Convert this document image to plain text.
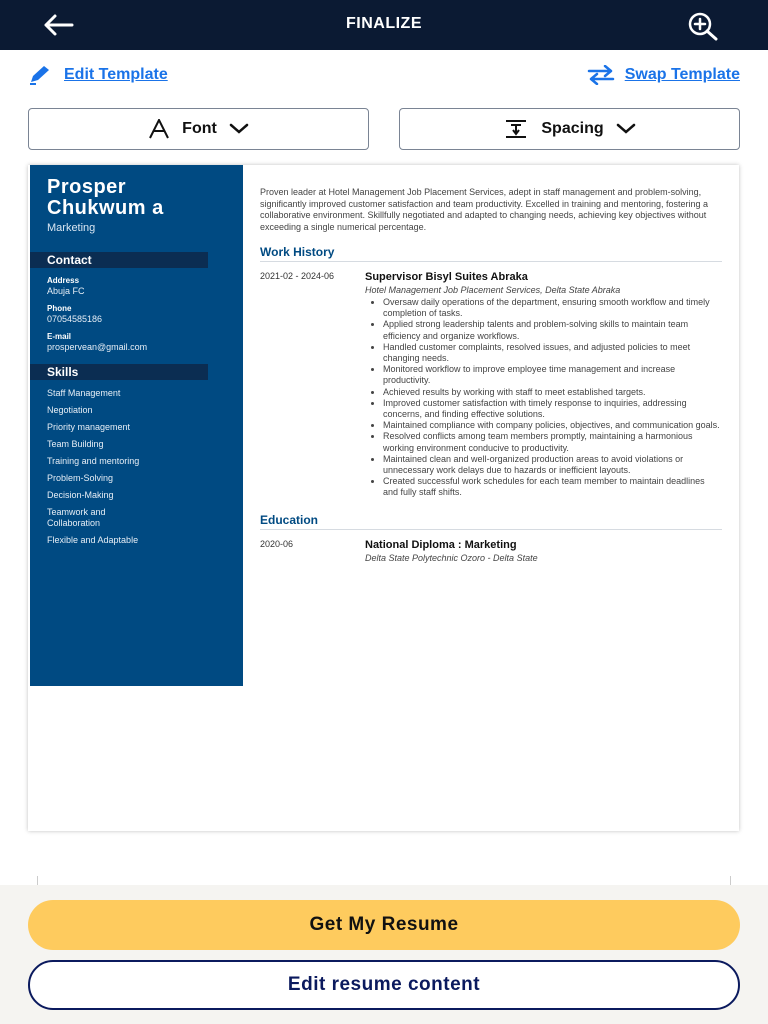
FINALIZE
Edit Template	Swap Template
Font	Spacing
Prosper Chukwum a
Marketing
Contact
Address
Abuja FC
Phone
07054585186
E-mail
prospervean@gmail.com
Skills
Staff Management
Negotiation
Priority management
Team Building
Training and mentoring
Problem-Solving
Decision-Making
Teamwork and Collaboration
Flexible and Adaptable
Proven leader at Hotel Management Job Placement Services, adept in staff management and problem-solving, significantly improved customer satisfaction and team productivity. Excelled in training and mentoring, fostering a collaborative environment. Skillfully negotiated and adapted to changing needs, achieving key objectives without exceeding a single numerical percentage.
Work History
2021-02 - 2024-06	Supervisor Bisyl Suites Abraka
Hotel Management Job Placement Services, Delta State Abraka
• Oversaw daily operations of the department, ensuring smooth workflow and timely completion of tasks.
• Applied strong leadership talents and problem-solving skills to maintain team efficiency and organize workflows.
• Handled customer complaints, resolved issues, and adjusted policies to meet changing needs.
• Monitored workflow to improve employee time management and increase productivity.
• Achieved results by working with staff to meet established targets.
• Improved customer satisfaction with timely response to inquiries, addressing concerns, and finding effective solutions.
• Maintained compliance with company policies, objectives, and communication goals.
• Resolved conflicts among team members promptly, maintaining a harmonious working environment conducive to productivity.
• Maintained clean and well-organized production areas to avoid violations or unnecessary work delays due to hazards or inefficient layouts.
• Created successful work schedules for each team member to maintain deadlines and fully staff shifts.
Education
2020-06	National Diploma : Marketing
Delta State Polytechnic Ozoro - Delta State
Get My Resume
Edit resume content
